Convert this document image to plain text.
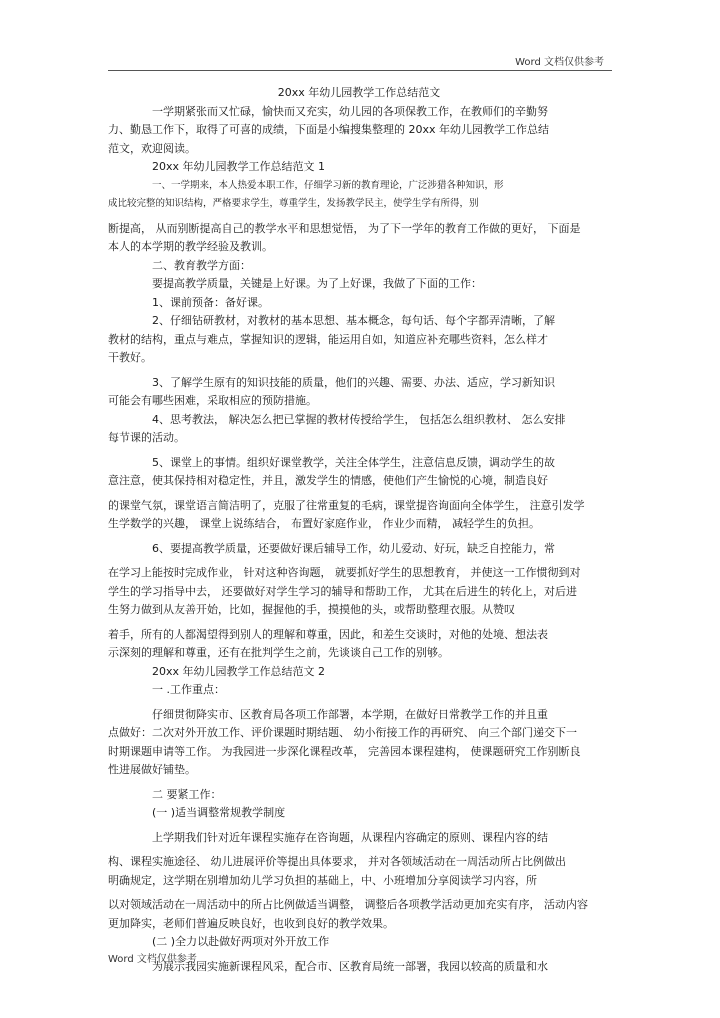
Word 文档仅供参考
20xx 年幼儿园教学工作总结范文
一学期紧张而又忙碌，愉快而又充实，幼儿园的各项保教工作，在教师们的辛勤努
力、勤恳工作下，取得了可喜的成绩，下面是小编搜集整理的 20xx 年幼儿园教学工作总结
范文，欢迎阅读。
20xx 年幼儿园教学工作总结范文 1
一、一学期来，本人热爱本职工作，仔细学习新的教育理论，广泛涉猎各种知识，形
成比较完整的知识结构，严格要求学生，尊重学生，发扬教学民主，使学生学有所得，别
断提高， 从而别断提高自己的教学水平和思想觉悟， 为了下一学年的教育工作做的更好， 下面是
本人的本学期的教学经验及教训。
二、教育教学方面：
要提高教学质量，关键是上好课。为了上好课，我做了下面的工作：
1、课前预备：备好课。
2、仔细钻研教材，对教材的基本思想、基本概念，每句话、每个字都弄清晰，了解
教材的结构，重点与难点，掌握知识的逻辑，能运用自如，知道应补充哪些资料，怎么样才
干教好。
3、了解学生原有的知识技能的质量，他们的兴趣、需要、办法、适应，学习新知识
可能会有哪些困难，采取相应的预防措施。
4、思考教法， 解决怎么把已掌握的教材传授给学生， 包括怎么组织教材、 怎么安排
每节课的活动。
5、课堂上的事情。组织好课堂教学，关注全体学生，注意信息反馈，调动学生的故
意注意，使其保持相对稳定性，并且，激发学生的情感，使他们产生愉悦的心境，制造良好
的课堂气氛，课堂语言简洁明了，克服了往常重复的毛病，课堂提咨询面向全体学生， 注意引发学
生学数学的兴趣， 课堂上说练结合， 布置好家庭作业， 作业少而精， 减轻学生的负担。
6、要提高教学质量，还要做好课后辅导工作，幼儿爱动、好玩，缺乏自控能力，常
在学习上能按时完成作业， 针对这种咨询题， 就要抓好学生的思想教育， 并使这一工作惯彻到对
学生的学习指导中去， 还要做好对学生学习的辅导和帮助工作， 尤其在后进生的转化上，对后进
生努力做到从友善开始，比如，握握他的手，摸摸他的头，或帮助整理衣服。从赞叹
着手，所有的人都渴望得到别人的理解和尊重，因此，和差生交谈时，对他的处境、想法表
示深刻的理解和尊重，还有在批判学生之前，先谈谈自己工作的别够。
20xx 年幼儿园教学工作总结范文 2
一 .工作重点：
仔细贯彻降实市、区教育局各项工作部署，本学期，在做好日常教学工作的并且重
点做好：二次对外开放工作、评价课题时期结题、 幼小衔接工作的再研究、 向三个部门递交下一
时期课题申请等工作。 为我园进一步深化课程改革， 完善园本课程建构， 使课题研究工作别断良
性进展做好铺垫。
二 要紧工作：
(一 )适当调整常规教学制度
上学期我们针对近年课程实施存在咨询题，从课程内容确定的原则、课程内容的结
构、课程实施途径、 幼儿进展评价等提出具体要求， 并对各领域活动在一周活动所占比例做出
明确规定，这学期在别增加幼儿学习负担的基础上，中、小班增加分享阅读学习内容，所
以对领域活动在一周活动中的所占比例做适当调整， 调整后各项教学活动更加充实有序， 活动内容
更加降实，老师们普遍反映良好，也收到良好的教学效果。
(二 )全力以赴做好两项对外开放工作
为展示我园实施新课程风采，配合市、区教育局统一部署，我园以较高的质量和水
Word 文档仅供参考
